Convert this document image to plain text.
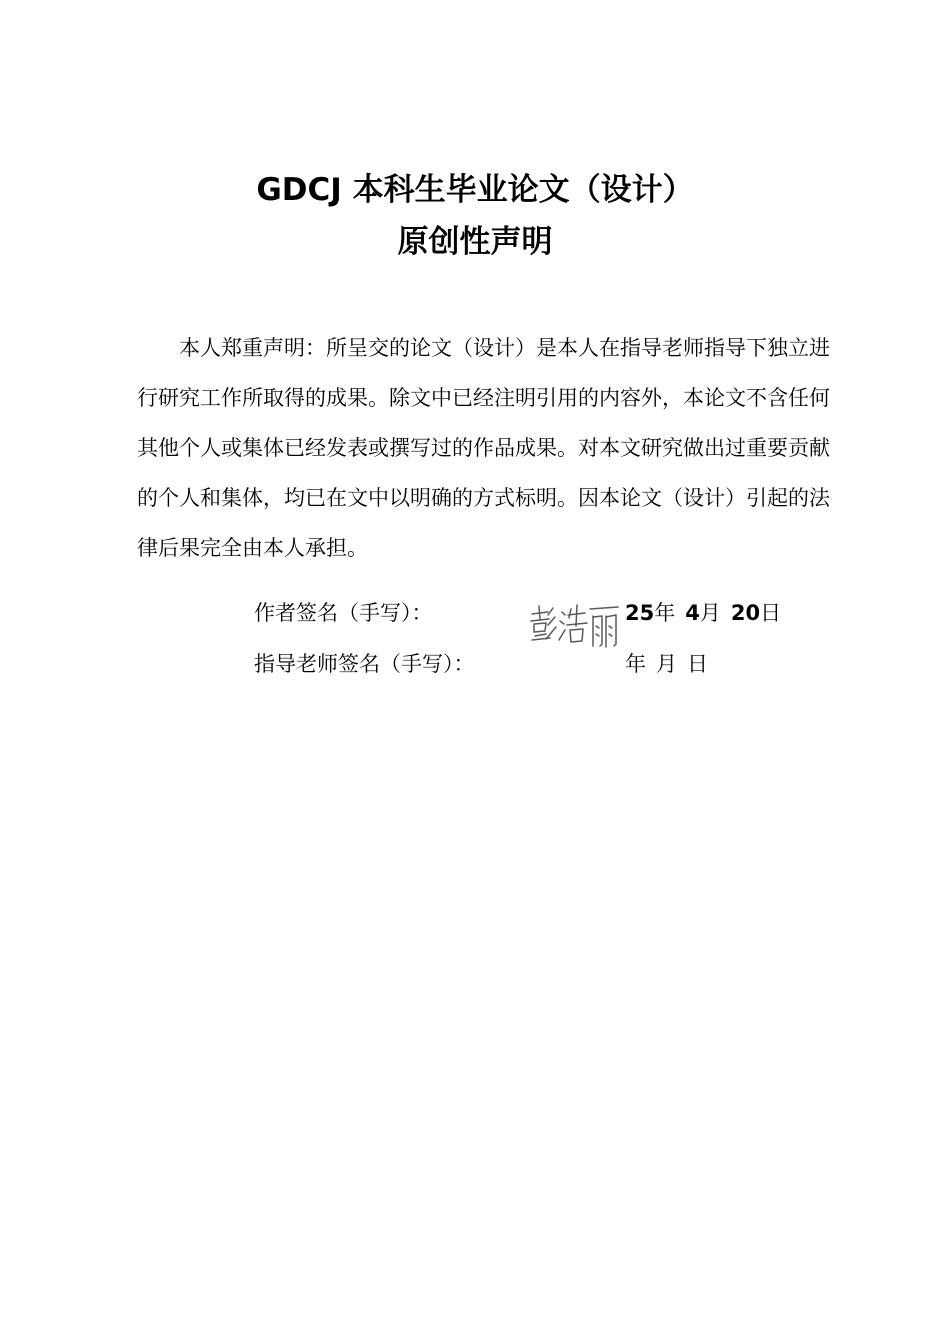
GDCJ 本科生毕业论文（设计）
原创性声明

本人郑重声明：所呈交的论文（设计）是本人在指导老师指导下独立进行研究工作所取得的成果。除文中已经注明引用的内容外，本论文不含任何其他个人或集体已经发表或撰写过的作品成果。对本文研究做出过重要贡献的个人和集体，均已在文中以明确的方式标明。因本论文（设计）引起的法律后果完全由本人承担。

作者签名（手写）：	25年 4月 20日
指导老师签名（手写）：	年 月 日
